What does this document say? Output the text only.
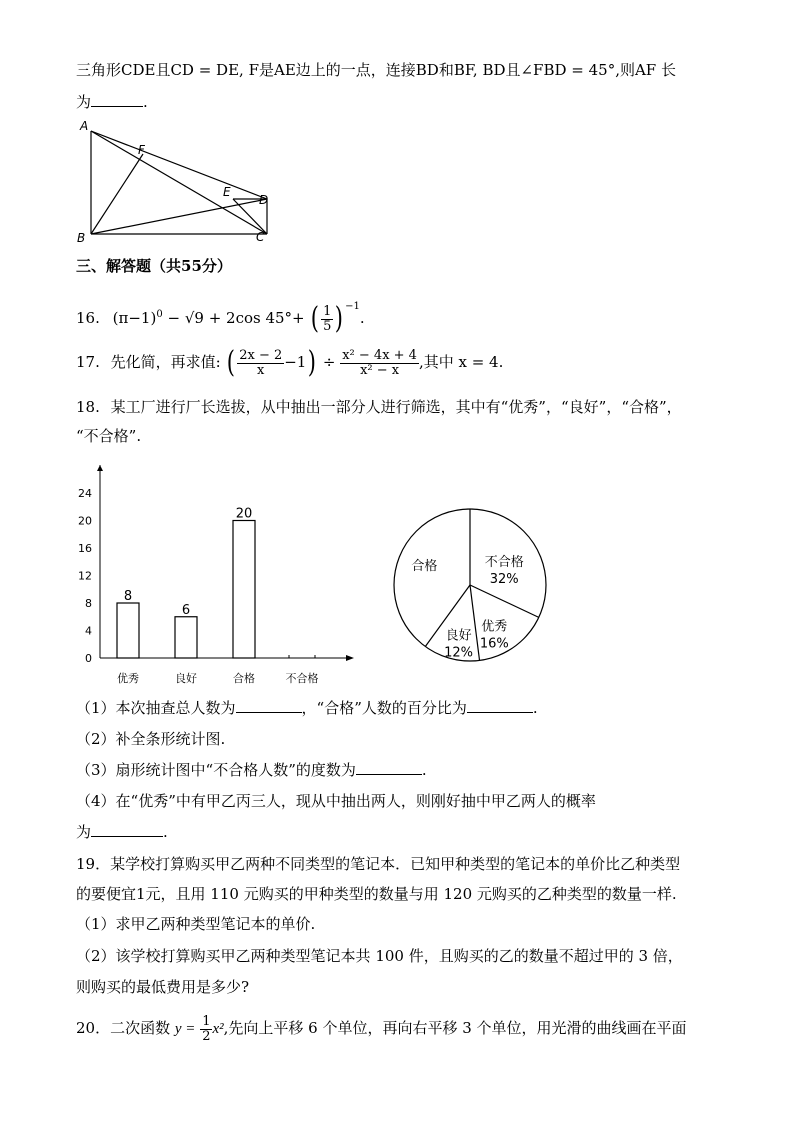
三角形CDE且CD = DE, F是AE边上的一点，连接BD和BF, BD且∠FBD = 45°,则AF 长
为	.
A
F
E
D
B	C
三、解答题（共55分）
16. $(\pi-1)^0 - √9 + 2\cos$ 45°+ ( $\frac{1}{5}$ ) $^{-1}$.
17. 先化简，再求值: ( $\frac{2x - 2}{x} -1) \div \frac{\text{x² − 4x + 4}}{\text{x² − x}}$ ,其中 x = 4.
18. 某工厂进行厂长选拔，从中抽出一部分人进行筛选，其中有“优秀”，“良好”，“合格”，
“不合格”.
0
4
8
12
16
20
24
8
优秀
6
良好
20
合格	不合格
不合格
32%
优秀
16%
良好
12%
合格
（1）本次抽查总人数为	，“合格”人数的百分比为	.
（2）补全条形统计图.
（3）扇形统计图中“不合格人数”的度数为	.
（4）在“优秀”中有甲乙丙三人，现从中抽出两人，则刚好抽中甲乙两人的概率
为	.
19．某学校打算购买甲乙两种不同类型的笔记本．已知甲种类型的笔记本的单价比乙种类型
的要便宜1元，且用 110 元购买的甲种类型的数量与用 120 元购买的乙种类型的数量一样.
（1）求甲乙两种类型笔记本的单价.
（2）该学校打算购买甲乙两种类型笔记本共 100 件，且购买的乙的数量不超过甲的 3 倍，
则购买的最低费用是多少?
20．二次函数 $y = \frac{1}{2} x^2$,先向上平移 6 个单位，再向右平移 3 个单位，用光滑的曲线画在平面
